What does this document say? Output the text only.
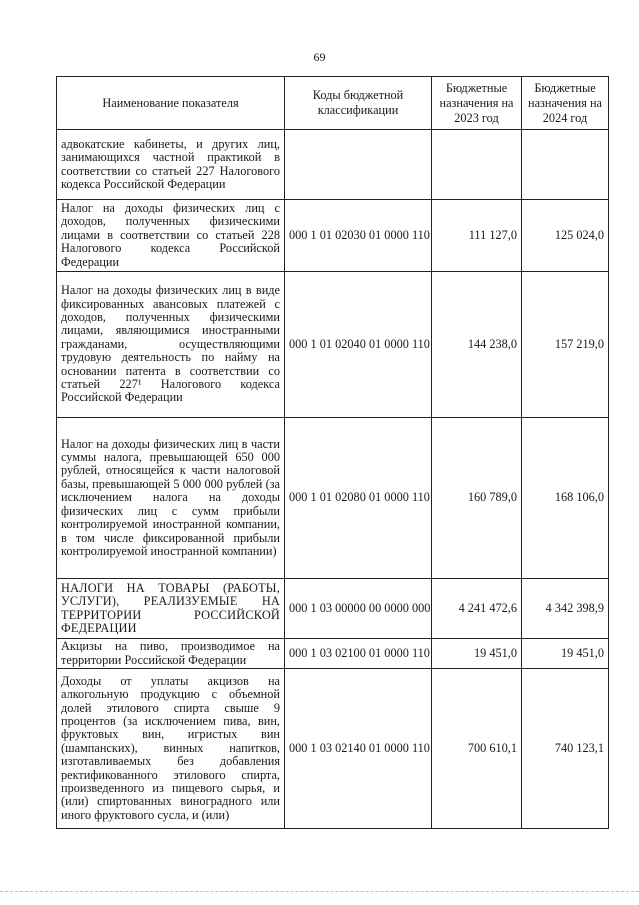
69
Наименование показателя	Коды бюджетной классификации	Бюджетные назначения на 2023 год	Бюджетные назначения на 2024 год
адвокатские кабинеты, и других лиц, занимающихся частной практикой в соответствии со статьей 227 Налогового кодекса Российской Федерации			
Налог на доходы физических лиц с доходов, полученных физическими лицами в соответствии со статьей 228 Налогового кодекса Российской Федерации	000 1 01 02030 01 0000 110	111 127,0	125 024,0
Налог на доходы физических лиц в виде фиксированных авансовых платежей с доходов, полученных физическими лицами, являющимися иностранными гражданами, осуществляющими трудовую деятельность по найму на основании патента в соответствии со статьей 227¹ Налогового кодекса Российской Федерации	000 1 01 02040 01 0000 110	144 238,0	157 219,0
Налог на доходы физических лиц в части суммы налога, превышающей 650 000 рублей, относящейся к части налоговой базы, превышающей 5 000 000 рублей (за исключением налога на доходы физических лиц с сумм прибыли контролируемой иностранной компании, в том числе фиксированной прибыли контролируемой иностранной компании)	000 1 01 02080 01 0000 110	160 789,0	168 106,0
НАЛОГИ НА ТОВАРЫ (РАБОТЫ, УСЛУГИ), РЕАЛИЗУЕМЫЕ НА ТЕРРИТОРИИ РОССИЙСКОЙ ФЕДЕРАЦИИ	000 1 03 00000 00 0000 000	4 241 472,6	4 342 398,9
Акцизы на пиво, производимое на территории Российской Федерации	000 1 03 02100 01 0000 110	19 451,0	19 451,0
Доходы от уплаты акцизов на алкогольную продукцию с объемной долей этилового спирта свыше 9 процентов (за исключением пива, вин, фруктовых вин, игристых вин (шампанских), винных напитков, изготавливаемых без добавления ректификованного этилового спирта, произведенного из пищевого сырья, и (или) спиртованных виноградного или иного фруктового сусла, и (или)	000 1 03 02140 01 0000 110	700 610,1	740 123,1
